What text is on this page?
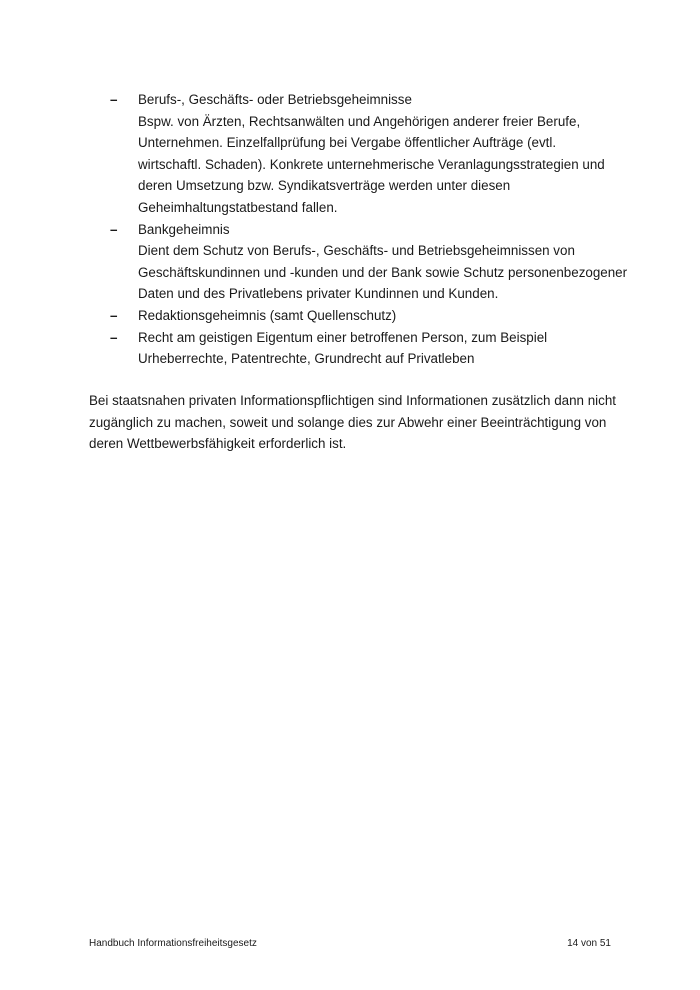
–	Berufs-, Geschäfts- oder Betriebsgeheimnisse
Bspw. von Ärzten, Rechtsanwälten und Angehörigen anderer freier Berufe,
Unternehmen. Einzelfallprüfung bei Vergabe öffentlicher Aufträge (evtl.
wirtschaftl. Schaden). Konkrete unternehmerische Veranlagungsstrategien und
deren Umsetzung bzw. Syndikatsverträge werden unter diesen
Geheimhaltungstatbestand fallen.
–	Bankgeheimnis
Dient dem Schutz von Berufs-, Geschäfts- und Betriebsgeheimnissen von
Geschäftskundinnen und -kunden und der Bank sowie Schutz personenbezogener
Daten und des Privatlebens privater Kundinnen und Kunden.
–	Redaktionsgeheimnis (samt Quellenschutz)
–	Recht am geistigen Eigentum einer betroffenen Person, zum Beispiel
Urheberrechte, Patentrechte, Grundrecht auf Privatleben

Bei staatsnahen privaten Informationspflichtigen sind Informationen zusätzlich dann nicht
zugänglich zu machen, soweit und solange dies zur Abwehr einer Beeinträchtigung von
deren Wettbewerbsfähigkeit erforderlich ist.

Handbuch Informationsfreiheitsgesetz	14 von 51
